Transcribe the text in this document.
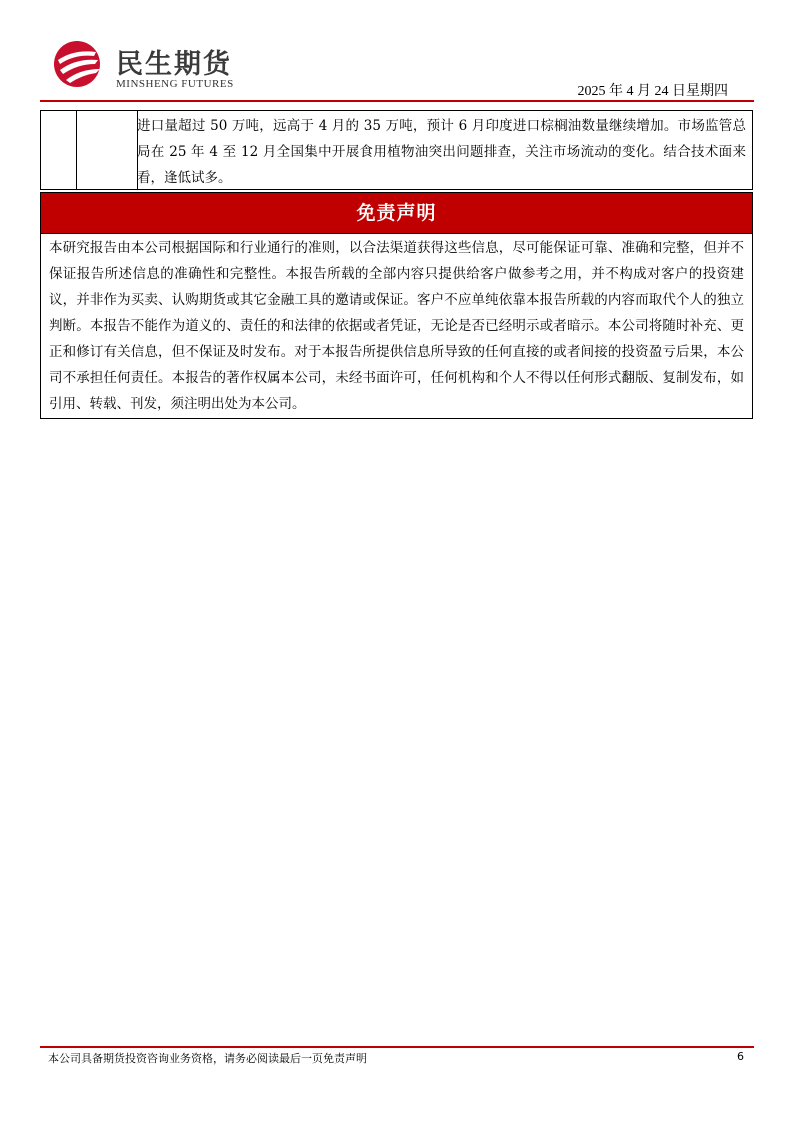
民生期货
MINSHENG FUTURES	2025 年 4 月 24 日星期四
进口量超过 50 万吨，远高于 4 月的 35 万吨，预计 6 月印度进口棕榈油数量继续增加。市场监管总局在 25 年 4 至 12 月全国集中开展食用植物油突出问题排查，关注市场流动的变化。结合技术面来看，逢低试多。
免责声明
本研究报告由本公司根据国际和行业通行的准则，以合法渠道获得这些信息，尽可能保证可靠、准确和完整，但并不保证报告所述信息的准确性和完整性。本报告所载的全部内容只提供给客户做参考之用，并不构成对客户的投资建议，并非作为买卖、认购期货或其它金融工具的邀请或保证。客户不应单纯依靠本报告所载的内容而取代个人的独立判断。本报告不能作为道义的、责任的和法律的依据或者凭证，无论是否已经明示或者暗示。本公司将随时补充、更正和修订有关信息，但不保证及时发布。对于本报告所提供信息所导致的任何直接的或者间接的投资盈亏后果，本公司不承担任何责任。本报告的著作权属本公司，未经书面许可，任何机构和个人不得以任何形式翻版、复制发布，如引用、转载、刊发，须注明出处为本公司。
本公司具备期货投资咨询业务资格，请务必阅读最后一页免责声明	6
